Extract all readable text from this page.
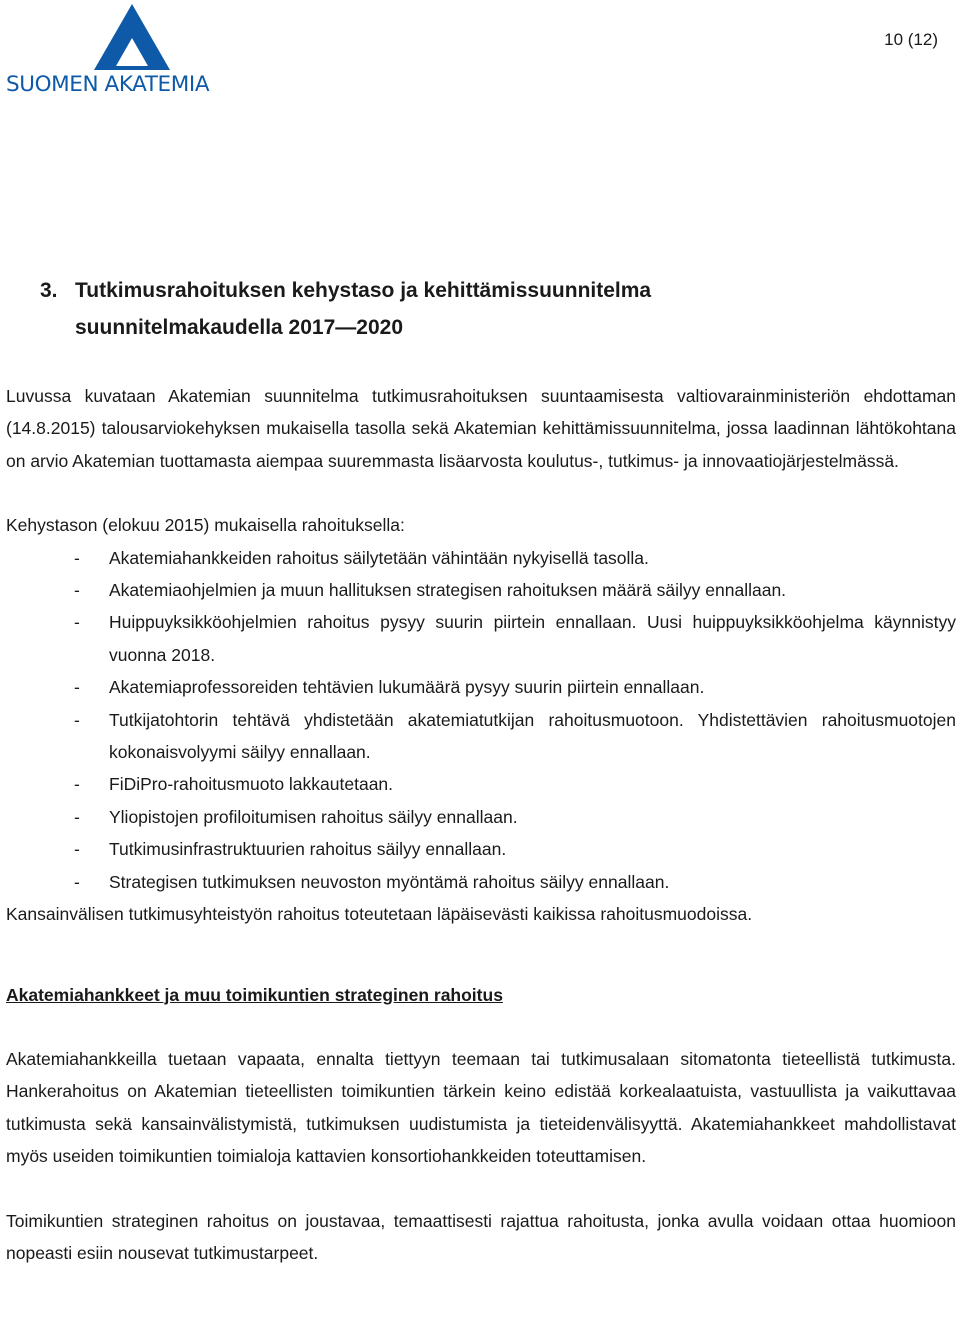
SUOMEN AKATEMIA
10 (12)
3. Tutkimusrahoituksen kehystaso ja kehittämissuunnitelma
suunnitelmakaudella 2017—2020

Luvussa kuvataan Akatemian suunnitelma tutkimusrahoituksen suuntaamisesta valtiovarainministeriön ehdottaman (14.8.2015) talousarviokehyksen mukaisella tasolla sekä Akatemian kehittämissuunnitelma, jossa laadinnan lähtökohtana on arvio Akatemian tuottamasta aiempaa suuremmasta lisäarvosta koulutus-, tutkimus- ja innovaatiojärjestelmässä.

Kehystason (elokuu 2015) mukaisella rahoituksella:

- Akatemiahankkeiden rahoitus säilytetään vähintään nykyisellä tasolla.
- Akatemiaohjelmien ja muun hallituksen strategisen rahoituksen määrä säilyy ennallaan.
- Huippuyksikköohjelmien rahoitus pysyy suurin piirtein ennallaan. Uusi huippuyksikköohjelma käynnistyy vuonna 2018.
- Akatemiaprofessoreiden tehtävien lukumäärä pysyy suurin piirtein ennallaan.
- Tutkijatohtorin tehtävä yhdistetään akatemiatutkijan rahoitusmuotoon. Yhdistettävien rahoitusmuotojen kokonaisvolyymi säilyy ennallaan.
- FiDiPro-rahoitusmuoto lakkautetaan.
- Yliopistojen profiloitumisen rahoitus säilyy ennallaan.
- Tutkimusinfrastruktuurien rahoitus säilyy ennallaan.
- Strategisen tutkimuksen neuvoston myöntämä rahoitus säilyy ennallaan.

Kansainvälisen tutkimusyhteistyön rahoitus toteutetaan läpäisevästi kaikissa rahoitusmuodoissa.

Akatemiahankkeet ja muu toimikuntien strateginen rahoitus

Akatemiahankkeilla tuetaan vapaata, ennalta tiettyyn teemaan tai tutkimusalaan sitomatonta tieteellistä tutkimusta. Hankerahoitus on Akatemian tieteellisten toimikuntien tärkein keino edistää korkealaatuista, vastuullista ja vaikuttavaa tutkimusta sekä kansainvälistymistä, tutkimuksen uudistumista ja tieteidenvälisyyttä. Akatemiahankkeet mahdollistavat myös useiden toimikuntien toimialoja kattavien konsortiohankkeiden toteuttamisen.

Toimikuntien strateginen rahoitus on joustavaa, temaattisesti rajattua rahoitusta, jonka avulla voidaan ottaa huomioon nopeasti esiin nousevat tutkimustarpeet.
